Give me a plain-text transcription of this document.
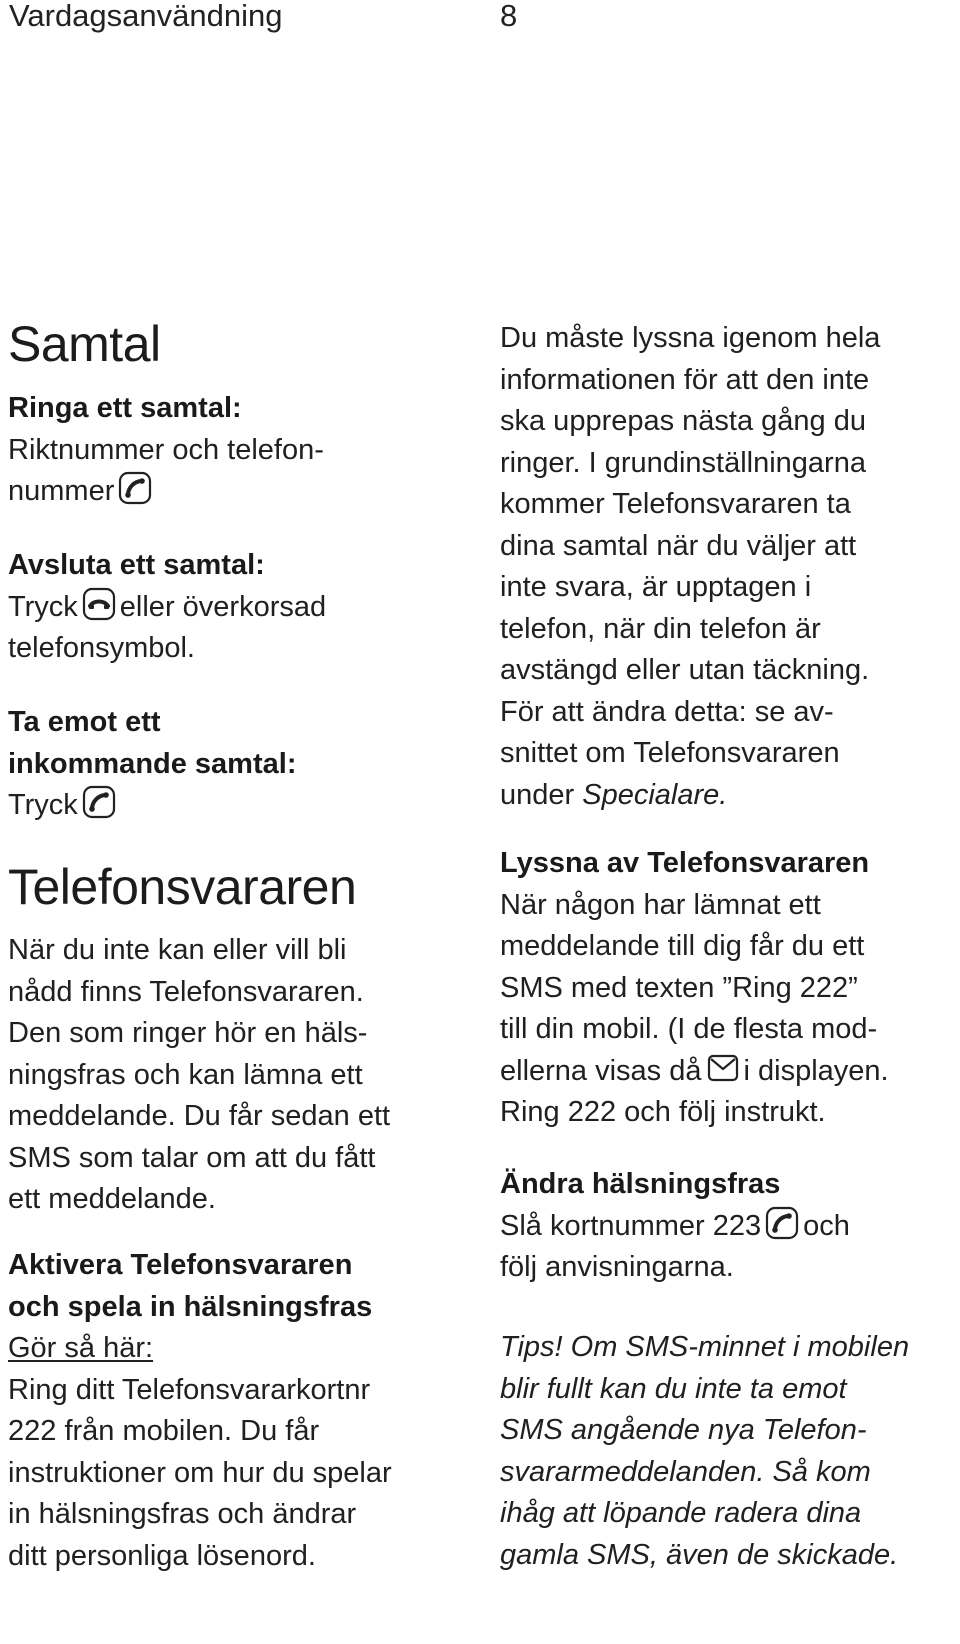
Vardagsanvändning	8
Samtal
Ringa ett samtal:
Riktnummer och telefon-
nummer
Avsluta ett samtal:
Tryck eller överkorsad
telefonsymbol.
Ta emot ett
inkommande samtal:
Tryck
Telefonsvararen
När du inte kan eller vill bli
nådd finns Telefonsvararen.
Den som ringer hör en häls-
ningsfras och kan lämna ett
meddelande. Du får sedan ett
SMS som talar om att du fått
ett meddelande.
Aktivera Telefonsvararen
och spela in hälsningsfras
Gör så här:
Ring ditt Telefonsvararkortnr
222 från mobilen. Du får
instruktioner om hur du spelar
in hälsningsfras och ändrar
ditt personliga lösenord.
Du måste lyssna igenom hela
informationen för att den inte
ska upprepas nästa gång du
ringer. I grundinställningarna
kommer Telefonsvararen ta
dina samtal när du väljer att
inte svara, är upptagen i
telefon, när din telefon är
avstängd eller utan täckning.
För att ändra detta: se av-
snittet om Telefonsvararen
under Specialare.
Lyssna av Telefonsvararen
När någon har lämnat ett
meddelande till dig får du ett
SMS med texten ”Ring 222”
till din mobil. (I de flesta mod-
ellerna visas då i displayen.
Ring 222 och följ instrukt.
Ändra hälsningsfras
Slå kortnummer 223 och
följ anvisningarna.
Tips! Om SMS-minnet i mobilen
blir fullt kan du inte ta emot
SMS angående nya Telefon-
svararmeddelanden. Så kom
ihåg att löpande radera dina
gamla SMS, även de skickade.
